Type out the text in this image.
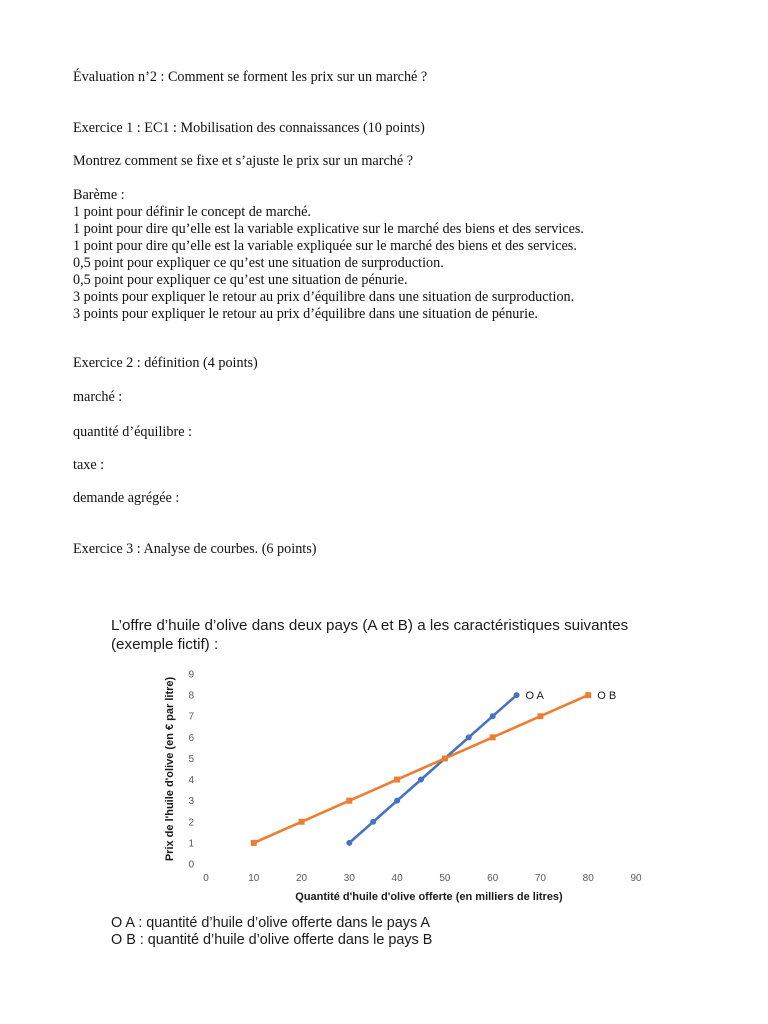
Évaluation n’2 : Comment se forment les prix sur un marché ?
Exercice 1 : EC1 : Mobilisation des connaissances (10 points)
Montrez comment se fixe et s’ajuste le prix sur un marché ?
Barème :
1 point pour définir le concept de marché.
1 point pour dire qu’elle est la variable explicative sur le marché des biens et des services.
1 point pour dire qu’elle est la variable expliquée sur le marché des biens et des services.
0,5 point pour expliquer ce qu’est une situation de surproduction.
0,5 point pour expliquer ce qu’est une situation de pénurie.
3 points pour expliquer le retour au prix d’équilibre dans une situation de surproduction.
3 points pour expliquer le retour au prix d’équilibre dans une situation de pénurie.
Exercice 2 : définition (4 points)
marché :
quantité d’équilibre :
taxe :
demande agrégée :
Exercice 3 : Analyse de courbes. (6 points)
L’offre d’huile d’olive dans deux pays (A et B) a les caractéristiques suivantes
(exemple fictif) :
0
1
2
3
4
5
6
7
8
9
0	10	20	30	40	50	60	70	80	90
Quantité d'huile d'olive offerte (en milliers de litres)
Prix de l'huile d'olive (en € par litre)	O A	O B
O A : quantité d’huile d’olive offerte dans le pays A
O B : quantité d’huile d’olive offerte dans le pays B
